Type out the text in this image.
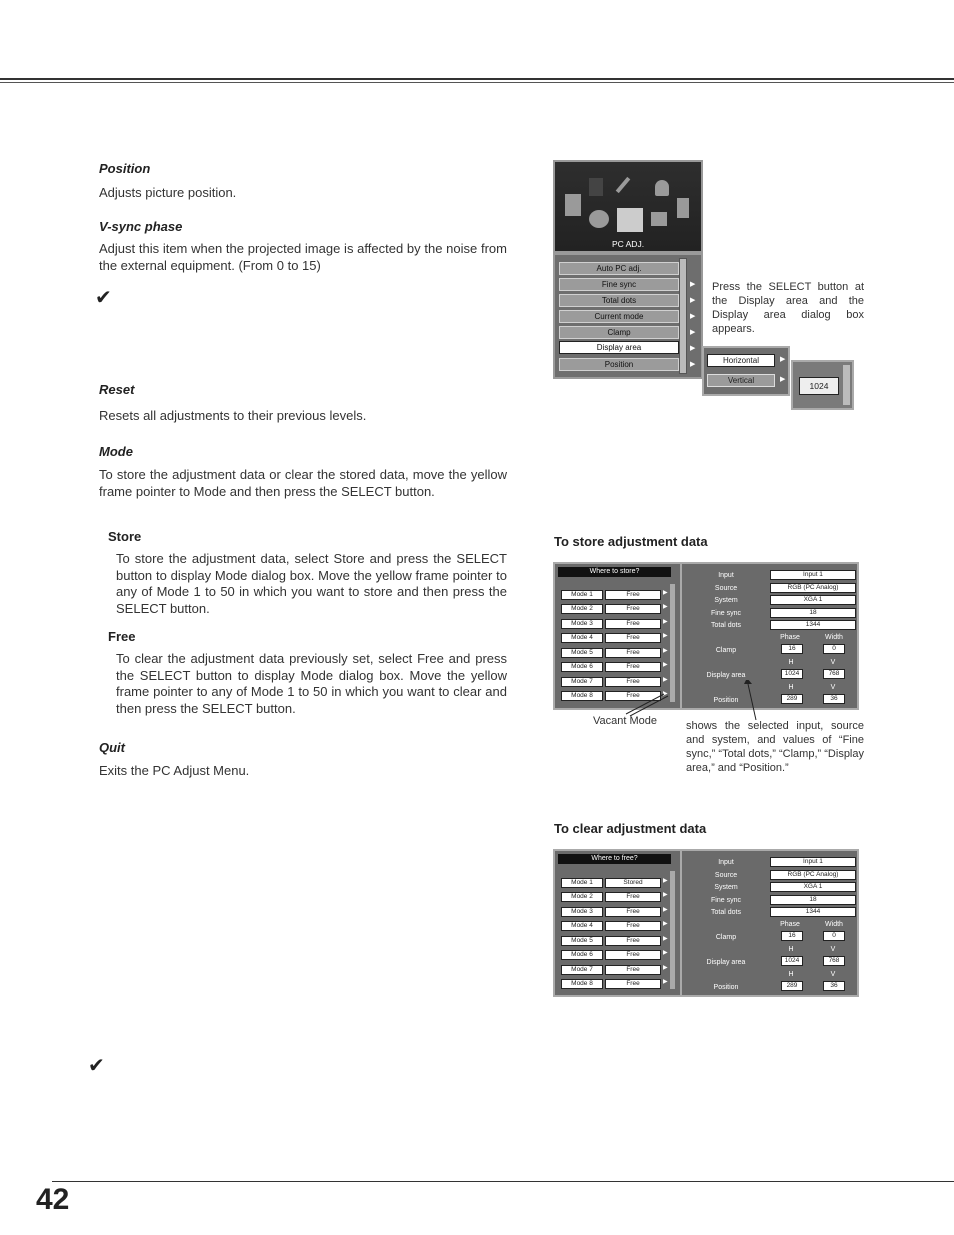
Position
Adjusts picture position.
V-sync phase
Adjust this item when the projected image is affected by the noise from the external equipment. (From 0 to 15)
✔
Reset
Resets all adjustments to their previous levels.
Mode
To store the adjustment data or clear the stored data, move the yellow frame pointer to Mode and then press the SELECT button.
Store
To store the adjustment data, select Store and press the SELECT button to display Mode dialog box. Move the yellow frame pointer to any of Mode 1 to 50 in which you want to store and then press the SELECT button.
Free
To clear the adjustment data previously set, select Free and press the SELECT button to display Mode dialog box. Move the yellow frame pointer to any of Mode 1 to 50 in which you want to clear and then press the SELECT button.
Quit
Exits the PC Adjust Menu.
✔
PC ADJ.
Auto PC adj.
Fine sync
Total dots
Current mode
Clamp
Display area
Position
▶
▶
▶
▶
▶
▶	Horizontal
Vertical
▶
▶
1024
Press the SELECT button at the Display area and the Display area dialog box appears.
To store adjustment data
Where to store?
Mode 1	Free	▶
Mode 2	Free	▶
Mode 3	Free	▶
Mode 4	Free	▶
Mode 5	Free	▶
Mode 6	Free	▶
Mode 7	Free	▶
Mode 8	Free	▶
Input	Input 1
Source	RGB (PC Analog)
System	XGA 1
Fine sync	18
Total dots	1344
Phase	Width
Clamp	16	0
H	V
Display area	1024	768
H	V
Position	289	36
Vacant Mode	shows the selected input, source and system, and values of “Fine sync,” “Total dots,” “Clamp,” “Display area,” and “Position.”
To clear adjustment data
Where to free?
Mode 1	Stored	▶
Mode 2	Free	▶
Mode 3	Free	▶
Mode 4	Free	▶
Mode 5	Free	▶
Mode 6	Free	▶
Mode 7	Free	▶
Mode 8	Free	▶
Input	Input 1
Source	RGB (PC Analog)
System	XGA 1
Fine sync	18
Total dots	1344
Phase	Width
Clamp	16	0
H	V
Display area	1024	768
H	V
Position	289	36
42
